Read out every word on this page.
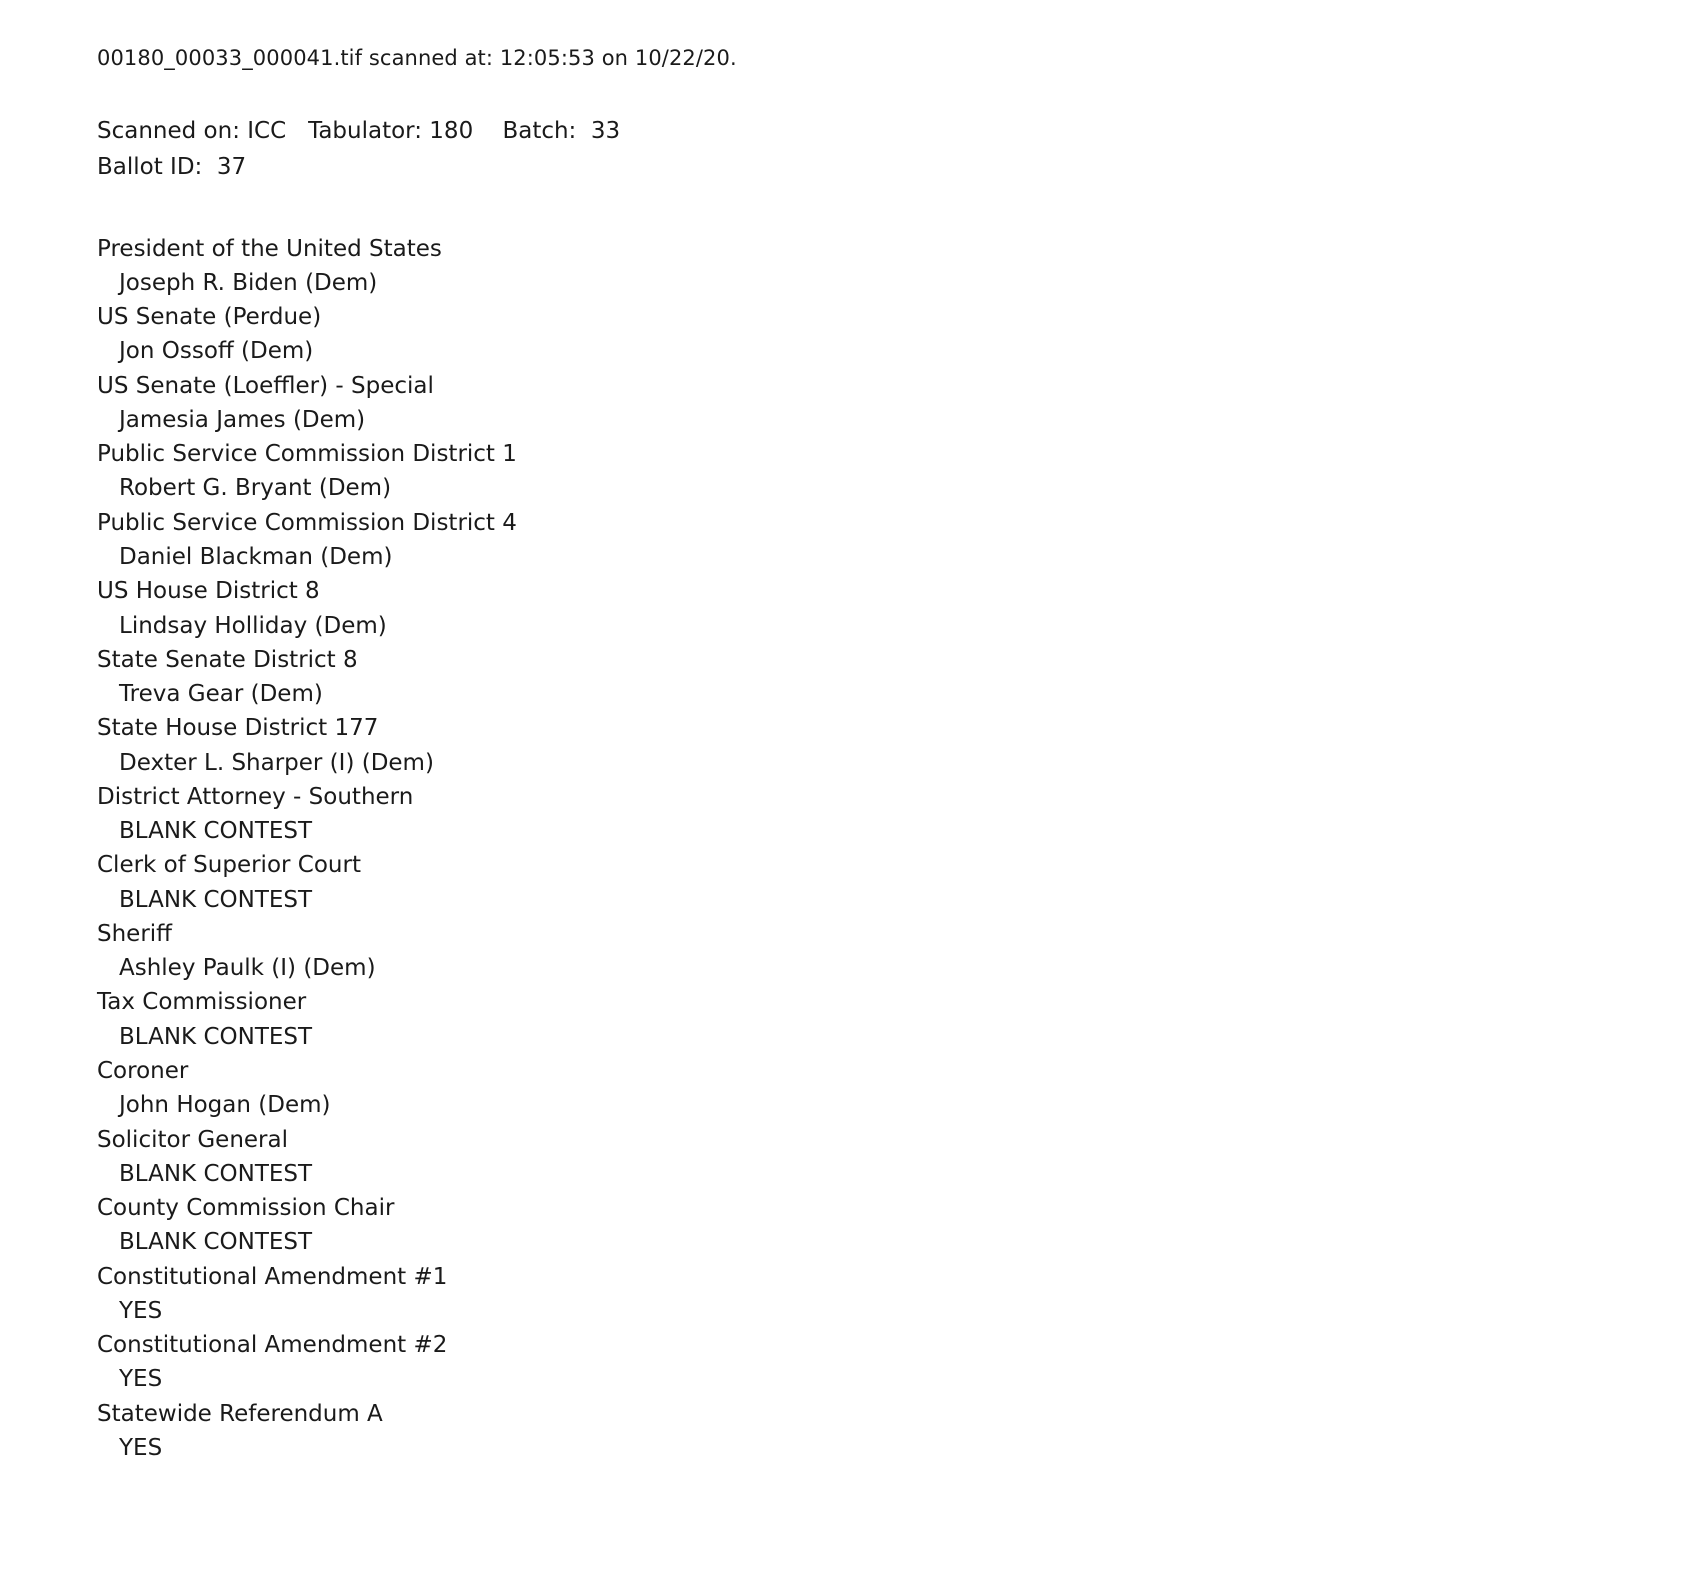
00180_00033_000041.tif scanned at: 12:05:53 on 10/22/20.
Scanned on: ICC   Tabulator: 180    Batch:  33
Ballot ID:  37
President of the United States
Joseph R. Biden (Dem)
US Senate (Perdue)
Jon Ossoff (Dem)
US Senate (Loeffler) - Special
Jamesia James (Dem)
Public Service Commission District 1
Robert G. Bryant (Dem)
Public Service Commission District 4
Daniel Blackman (Dem)
US House District 8
Lindsay Holliday (Dem)
State Senate District 8
Treva Gear (Dem)
State House District 177
Dexter L. Sharper (I) (Dem)
District Attorney - Southern
BLANK CONTEST
Clerk of Superior Court
BLANK CONTEST
Sheriff
Ashley Paulk (I) (Dem)
Tax Commissioner
BLANK CONTEST
Coroner
John Hogan (Dem)
Solicitor General
BLANK CONTEST
County Commission Chair
BLANK CONTEST
Constitutional Amendment #1
YES
Constitutional Amendment #2
YES
Statewide Referendum A
YES
